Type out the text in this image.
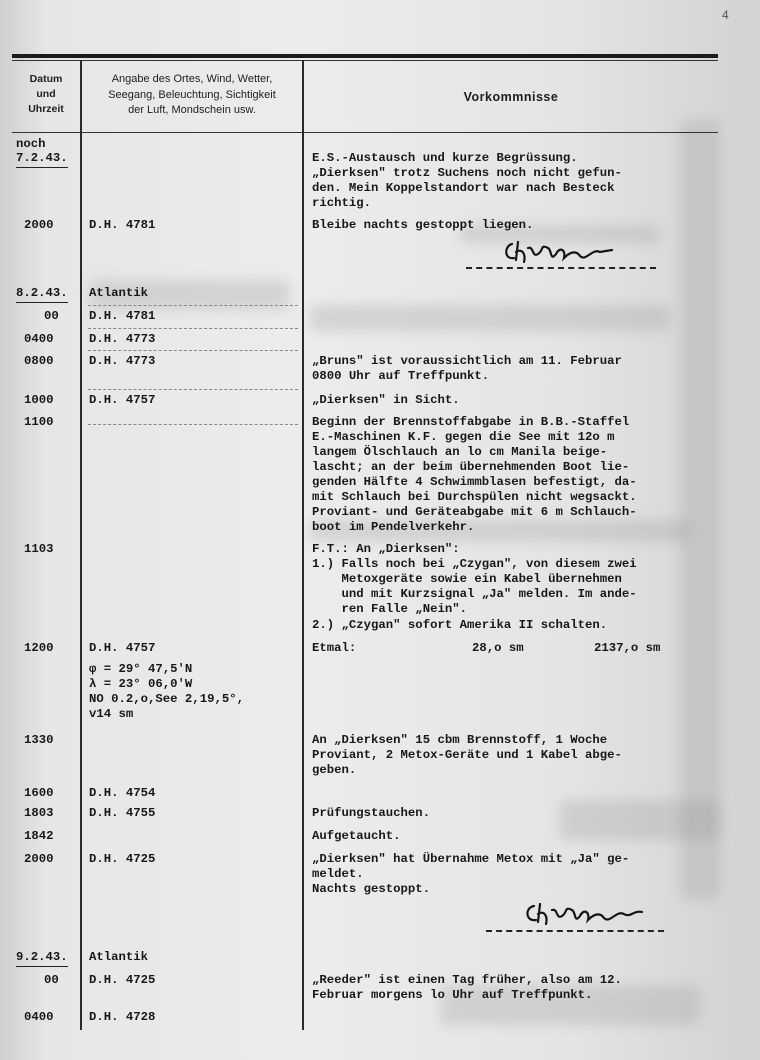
4
Datum
und
Uhrzeit
Angabe des Ortes, Wind, Wetter,
Seegang, Beleuchtung, Sichtigkeit
der Luft, Mondschein usw.
Vorkommnisse
noch
7.2.43.
2000
8.2.43.
00
0400
0800
1000
1100
1103
1200
1330
1600
1803
1842
2000
9.2.43.
00
0400
D.H. 4781
Atlantik
D.H. 4781
D.H. 4773
D.H. 4773
D.H. 4757
D.H. 4757
φ = 29° 47,5'N
λ = 23° 06,0'W
NO 0.2,o,See 2,19,5°,
v14 sm
D.H. 4754
D.H. 4755
D.H. 4725
Atlantik
D.H. 4725
D.H. 4728
E.S.-Austausch und kurze Begrüssung.
„Dierksen" trotz Suchens noch nicht gefun-
den. Mein Koppelstandort war nach Besteck
richtig.
Bleibe nachts gestoppt liegen.
„Bruns" ist voraussichtlich am 11. Februar
0800 Uhr auf Treffpunkt.
„Dierksen" in Sicht.
Beginn der Brennstoffabgabe in B.B.-Staffel
E.-Maschinen K.F. gegen die See mit 12o m
langem Ölschlauch an lo cm Manila beige-
lascht; an der beim übernehmenden Boot lie-
genden Hälfte 4 Schwimmblasen befestigt, da-
mit Schlauch bei Durchspülen nicht wegsackt.
Proviant- und Geräteabgabe mit 6 m Schlauch-
boot im Pendelverkehr.
F.T.: An „Dierksen":
1.) Falls noch bei „Czygan", von diesem zwei
Metoxgeräte sowie ein Kabel übernehmen
und mit Kurzsignal „Ja" melden. Im ande-
ren Falle „Nein".
2.) „Czygan" sofort Amerika II schalten.
Etmal:	28,o sm	2137,o sm
An „Dierksen" 15 cbm Brennstoff, 1 Woche
Proviant, 2 Metox-Geräte und 1 Kabel abge-
geben.
Prüfungstauchen.
Aufgetaucht.
„Dierksen" hat Übernahme Metox mit „Ja" ge-
meldet.
Nachts gestoppt.
„Reeder" ist einen Tag früher, also am 12.
Februar morgens lo Uhr auf Treffpunkt.
